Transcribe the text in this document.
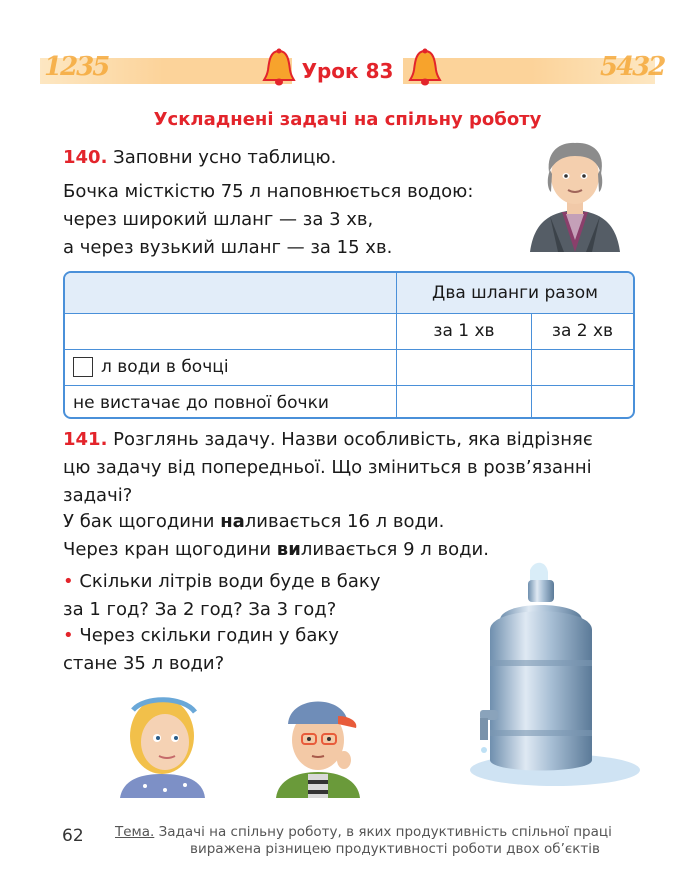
1235	5432
Урок 83
Ускладнені задачі на спільну роботу
140. Заповни усно таблицю.
Бочка місткістю 75 л наповнюється водою:
через широкий шланг — за 3 хв,
а через вузький шланг — за 15 хв.
	Два шланги разом	
	за 1 хв	за 2 хв
л води в бочці		
не вистачає до повної бочки		
141. Розглянь задачу. Назви особливість, яка відрізняє
цю задачу від попередньої. Що зміниться в розв’язанні
задачі?
У бак щогодини наливається 16 л води.
Через кран щогодини виливається 9 л води.
• Скільки літрів води буде в баку
за 1 год? За 2 год? За 3 год?
• Через скільки годин у баку
стане 35 л води?
62 Тема. Задачі на спільну роботу, в яких продуктивність спільної праці
виражена різницею продуктивності роботи двох об’єктів
